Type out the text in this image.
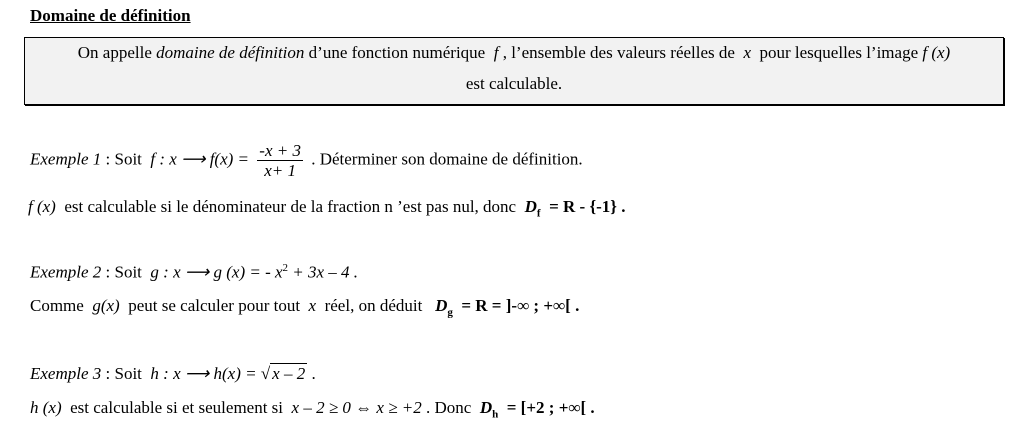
Domaine de définition
On appelle domaine de définition d’une fonction numérique f , l’ensemble des valeurs réelles de x pour lesquelles l’image f (x)
est calculable.
Exemple 1 : Soit f : x ⟶ $f(x) = \frac{-x + 3}{x+ 1}$ . Déterminer son domaine de définition.
f (x) est calculable si le dénominateur de la fraction n ’est pas nul, donc $D_f = R - \{-1\}$ .
Exemple 2 : Soit g : x ⟶ g (x) = - $x^2 + 3x - 4$ .
Comme g(x) peut se calculer pour tout x réel, on déduit $D_g = R$ = ]-∞ ; +∞[ .
Exemple 3 : Soit h : x ⟶ h(x) = √ x – 2 .
h (x) est calculable si et seulement si x – 2 ≥ 0 ⇔ x ≥ +2 . Donc $D_h = [+2$ ; +∞[ .
